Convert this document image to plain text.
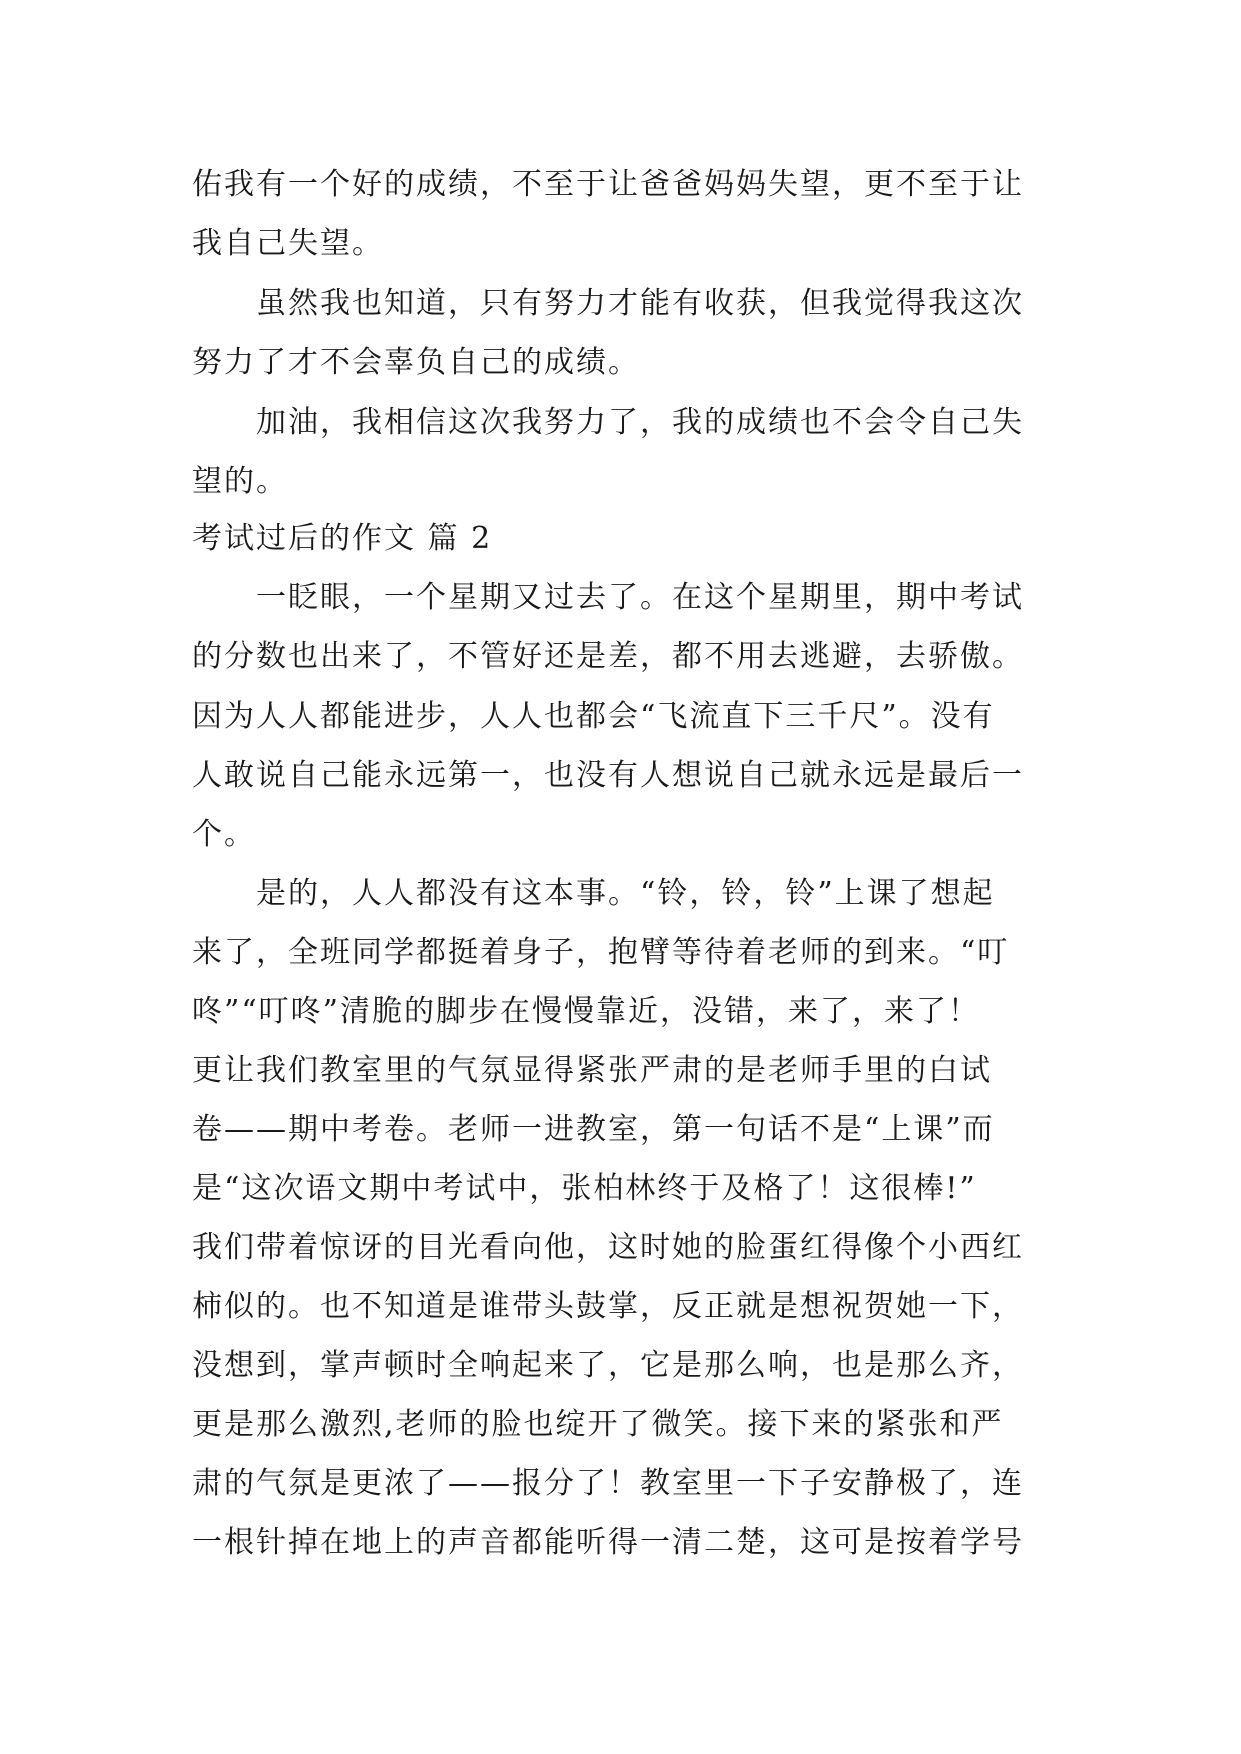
佑我有一个好的成绩，不至于让爸爸妈妈失望，更不至于让
我自己失望。
虽然我也知道，只有努力才能有收获，但我觉得我这次
努力了才不会辜负自己的成绩。
加油，我相信这次我努力了，我的成绩也不会令自己失
望的。
考试过后的作文 篇 2
一眨眼，一个星期又过去了。在这个星期里，期中考试
的分数也出来了，不管好还是差，都不用去逃避，去骄傲。
因为人人都能进步，人人也都会“飞流直下三千尺”。没有
人敢说自己能永远第一，也没有人想说自己就永远是最后一
个。
是的，人人都没有这本事。“铃，铃，铃”上课了想起
来了，全班同学都挺着身子，抱臂等待着老师的到来。“叮
咚”“叮咚”清脆的脚步在慢慢靠近，没错，来了，来了！
更让我们教室里的气氛显得紧张严肃的是老师手里的白试
卷——期中考卷。老师一进教室，第一句话不是“上课”而
是“这次语文期中考试中，张柏林终于及格了！这很棒!”
我们带着惊讶的目光看向他，这时她的脸蛋红得像个小西红
柿似的。也不知道是谁带头鼓掌，反正就是想祝贺她一下，
没想到，掌声顿时全响起来了，它是那么响，也是那么齐，
更是那么激烈,老师的脸也绽开了微笑。接下来的紧张和严
肃的气氛是更浓了——报分了！教室里一下子安静极了，连
一根针掉在地上的声音都能听得一清二楚，这可是按着学号
